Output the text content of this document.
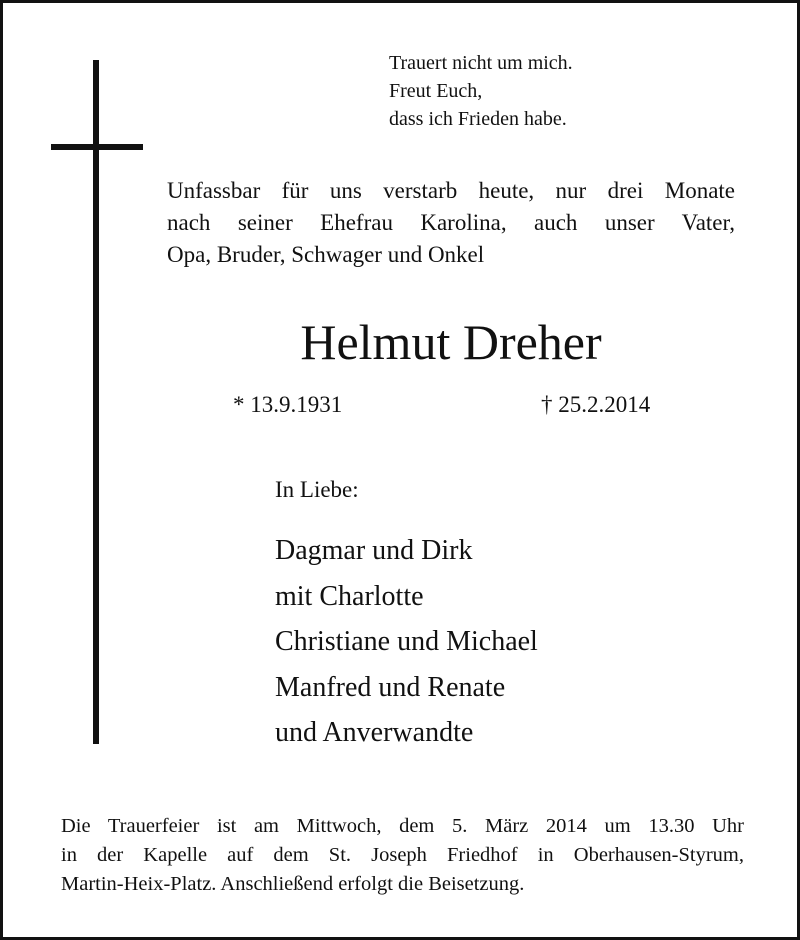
Trauert nicht um mich.
Freut Euch,
dass ich Frieden habe.
Unfassbar für uns verstarb heute, nur drei Monate
nach seiner Ehefrau Karolina, auch unser Vater,
Opa, Bruder, Schwager und Onkel
Helmut Dreher
* 13.9.1931	† 25.2.2014
In Liebe:
Dagmar und Dirk
mit Charlotte
Christiane und Michael
Manfred und Renate
und Anverwandte
Die Trauerfeier ist am Mittwoch, dem 5. März 2014 um 13.30 Uhr
in der Kapelle auf dem St. Joseph Friedhof in Oberhausen-Styrum,
Martin-Heix-Platz. Anschließend erfolgt die Beisetzung.
